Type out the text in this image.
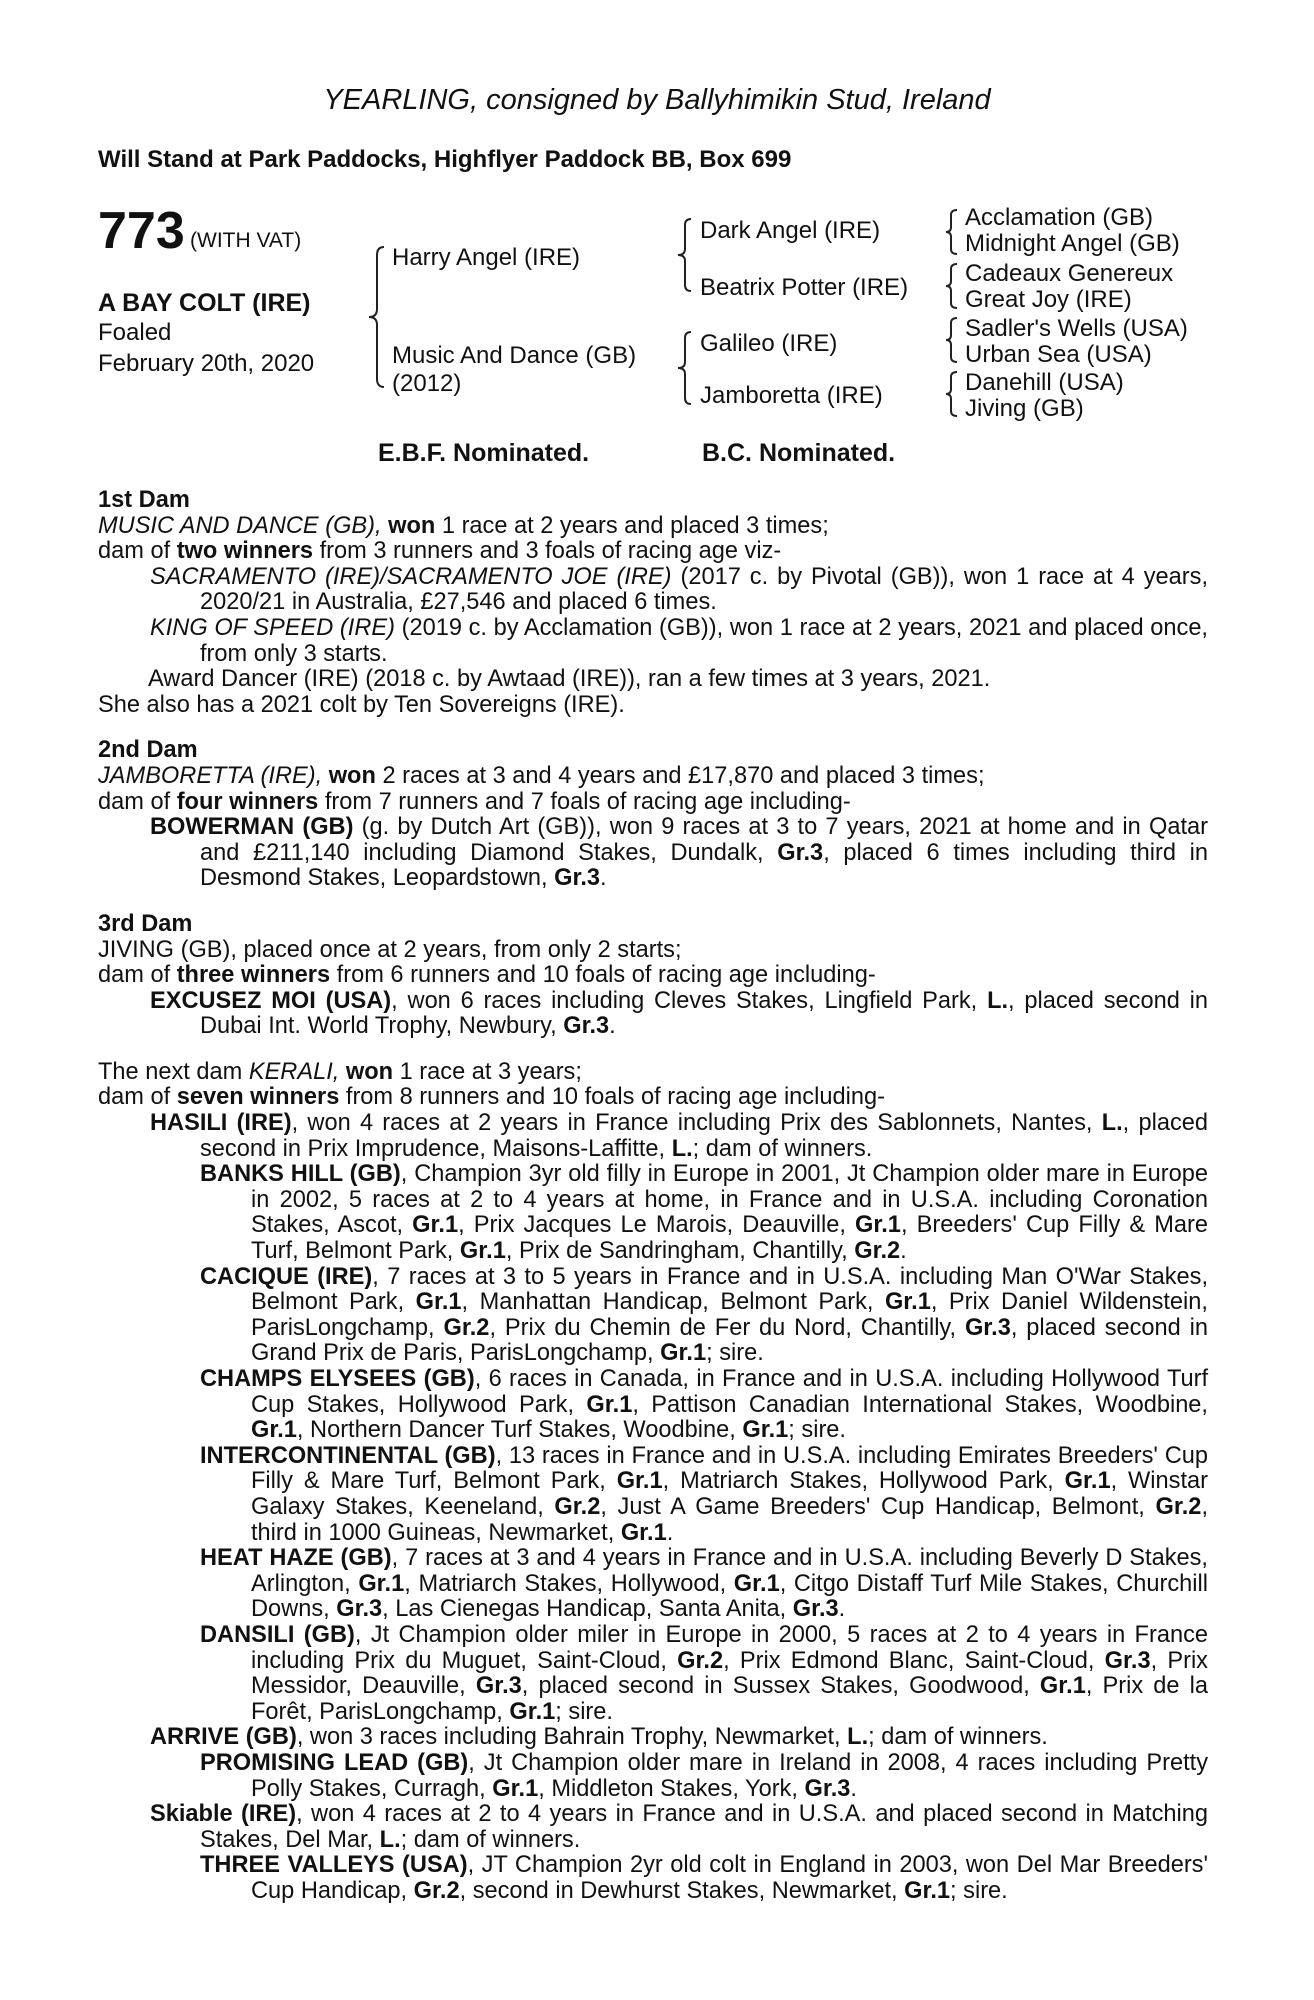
YEARLING, consigned by Ballyhimikin Stud, Ireland
Will Stand at Park Paddocks, Highflyer Paddock BB, Box 699
773 (WITH VAT)
A BAY COLT (IRE)
Foaled
February 20th, 2020
Harry Angel (IRE)
Music And Dance (GB)
(2012)
Dark Angel (IRE)
Beatrix Potter (IRE)
Galileo (IRE)
Jamboretta (IRE)
Acclamation (GB)
Midnight Angel (GB)
Cadeaux Genereux
Great Joy (IRE)
Sadler's Wells (USA)
Urban Sea (USA)
Danehill (USA)
Jiving (GB)
E.B.F. Nominated.	B.C. Nominated.

1st Dam

MUSIC AND DANCE (GB), won 1 race at 2 years and placed 3 times;

dam of two winners from 3 runners and 3 foals of racing age viz-

SACRAMENTO (IRE)/SACRAMENTO JOE (IRE) (2017 c. by Pivotal (GB)), won 1 race at 4 years, 2020/21 in Australia, £27,546 and placed 6 times.

KING OF SPEED (IRE) (2019 c. by Acclamation (GB)), won 1 race at 2 years, 2021 and placed once, from only 3 starts.

Award Dancer (IRE) (2018 c. by Awtaad (IRE)), ran a few times at 3 years, 2021.

She also has a 2021 colt by Ten Sovereigns (IRE).

2nd Dam

JAMBORETTA (IRE), won 2 races at 3 and 4 years and £17,870 and placed 3 times;

dam of four winners from 7 runners and 7 foals of racing age including-

BOWERMAN (GB) (g. by Dutch Art (GB)), won 9 races at 3 to 7 years, 2021 at home and in Qatar and £211,140 including Diamond Stakes, Dundalk, Gr.3, placed 6 times including third in Desmond Stakes, Leopardstown, Gr.3.

3rd Dam

JIVING (GB), placed once at 2 years, from only 2 starts;

dam of three winners from 6 runners and 10 foals of racing age including-

EXCUSEZ MOI (USA), won 6 races including Cleves Stakes, Lingfield Park, L., placed second in Dubai Int. World Trophy, Newbury, Gr.3.

The next dam KERALI, won 1 race at 3 years;

dam of seven winners from 8 runners and 10 foals of racing age including-

HASILI (IRE), won 4 races at 2 years in France including Prix des Sablonnets, Nantes, L., placed second in Prix Imprudence, Maisons-Laffitte, L.; dam of winners.

BANKS HILL (GB), Champion 3yr old filly in Europe in 2001, Jt Champion older mare in Europe in 2002, 5 races at 2 to 4 years at home, in France and in U.S.A. including Coronation Stakes, Ascot, Gr.1, Prix Jacques Le Marois, Deauville, Gr.1, Breeders' Cup Filly & Mare Turf, Belmont Park, Gr.1, Prix de Sandringham, Chantilly, Gr.2.

CACIQUE (IRE), 7 races at 3 to 5 years in France and in U.S.A. including Man O'War Stakes, Belmont Park, Gr.1, Manhattan Handicap, Belmont Park, Gr.1, Prix Daniel Wildenstein, ParisLongchamp, Gr.2, Prix du Chemin de Fer du Nord, Chantilly, Gr.3, placed second in Grand Prix de Paris, ParisLongchamp, Gr.1; sire.

CHAMPS ELYSEES (GB), 6 races in Canada, in France and in U.S.A. including Hollywood Turf Cup Stakes, Hollywood Park, Gr.1, Pattison Canadian International Stakes, Woodbine, Gr.1, Northern Dancer Turf Stakes, Woodbine, Gr.1; sire.

INTERCONTINENTAL (GB), 13 races in France and in U.S.A. including Emirates Breeders' Cup Filly & Mare Turf, Belmont Park, Gr.1, Matriarch Stakes, Hollywood Park, Gr.1, Winstar Galaxy Stakes, Keeneland, Gr.2, Just A Game Breeders' Cup Handicap, Belmont, Gr.2, third in 1000 Guineas, Newmarket, Gr.1.

HEAT HAZE (GB), 7 races at 3 and 4 years in France and in U.S.A. including Beverly D Stakes, Arlington, Gr.1, Matriarch Stakes, Hollywood, Gr.1, Citgo Distaff Turf Mile Stakes, Churchill Downs, Gr.3, Las Cienegas Handicap, Santa Anita, Gr.3.

DANSILI (GB), Jt Champion older miler in Europe in 2000, 5 races at 2 to 4 years in France including Prix du Muguet, Saint-Cloud, Gr.2, Prix Edmond Blanc, Saint-Cloud, Gr.3, Prix Messidor, Deauville, Gr.3, placed second in Sussex Stakes, Goodwood, Gr.1, Prix de la Forêt, ParisLongchamp, Gr.1; sire.

ARRIVE (GB), won 3 races including Bahrain Trophy, Newmarket, L.; dam of winners.

PROMISING LEAD (GB), Jt Champion older mare in Ireland in 2008, 4 races including Pretty Polly Stakes, Curragh, Gr.1, Middleton Stakes, York, Gr.3.

Skiable (IRE), won 4 races at 2 to 4 years in France and in U.S.A. and placed second in Matching Stakes, Del Mar, L.; dam of winners.

THREE VALLEYS (USA), JT Champion 2yr old colt in England in 2003, won Del Mar Breeders' Cup Handicap, Gr.2, second in Dewhurst Stakes, Newmarket, Gr.1; sire.
